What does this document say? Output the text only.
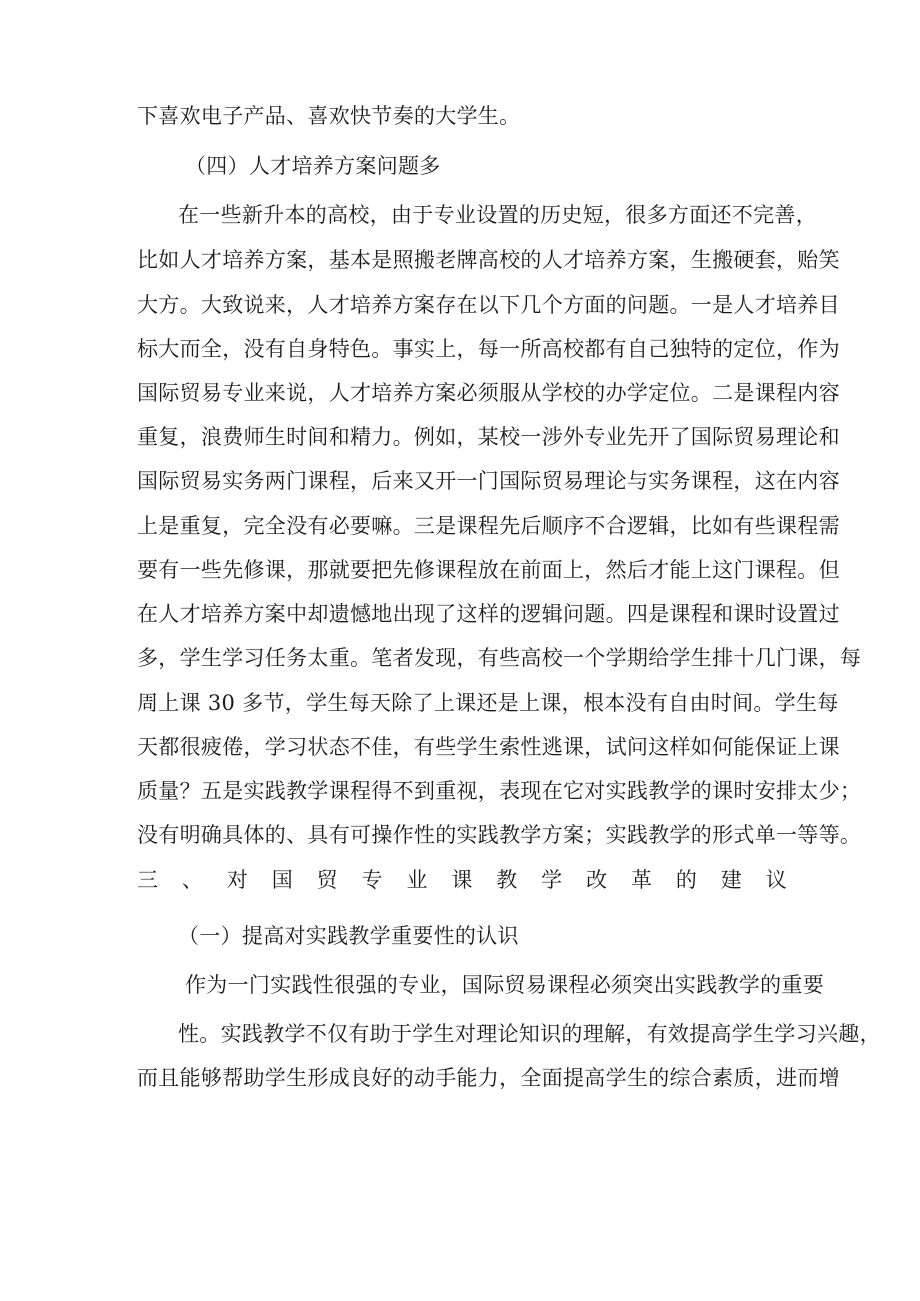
下喜欢电子产品、喜欢快节奏的大学生。
（四）人才培养方案问题多
在一些新升本的高校，由于专业设置的历史短，很多方面还不完善，
比如人才培养方案，基本是照搬老牌高校的人才培养方案，生搬硬套，贻笑
大方。大致说来，人才培养方案存在以下几个方面的问题。一是人才培养目
标大而全，没有自身特色。事实上，每一所高校都有自己独特的定位，作为
国际贸易专业来说，人才培养方案必须服从学校的办学定位。二是课程内容
重复，浪费师生时间和精力。例如，某校一涉外专业先开了国际贸易理论和
国际贸易实务两门课程，后来又开一门国际贸易理论与实务课程，这在内容
上是重复，完全没有必要嘛。三是课程先后顺序不合逻辑，比如有些课程需
要有一些先修课，那就要把先修课程放在前面上，然后才能上这门课程。但
在人才培养方案中却遗憾地出现了这样的逻辑问题。四是课程和课时设置过
多，学生学习任务太重。笔者发现，有些高校一个学期给学生排十几门课，每
周上课 30 多节，学生每天除了上课还是上课，根本没有自由时间。学生每
天都很疲倦，学习状态不佳，有些学生索性逃课，试问这样如何能保证上课
质量？五是实践教学课程得不到重视，表现在它对实践教学的课时安排太少；
没有明确具体的、具有可操作性的实践教学方案；实践教学的形式单一等等。
三、对国贸专业课教学改革的建议
（一）提高对实践教学重要性的认识
作为一门实践性很强的专业，国际贸易课程必须突出实践教学的重要
性。实践教学不仅有助于学生对理论知识的理解，有效提高学生学习兴趣，
而且能够帮助学生形成良好的动手能力，全面提高学生的综合素质，进而增
